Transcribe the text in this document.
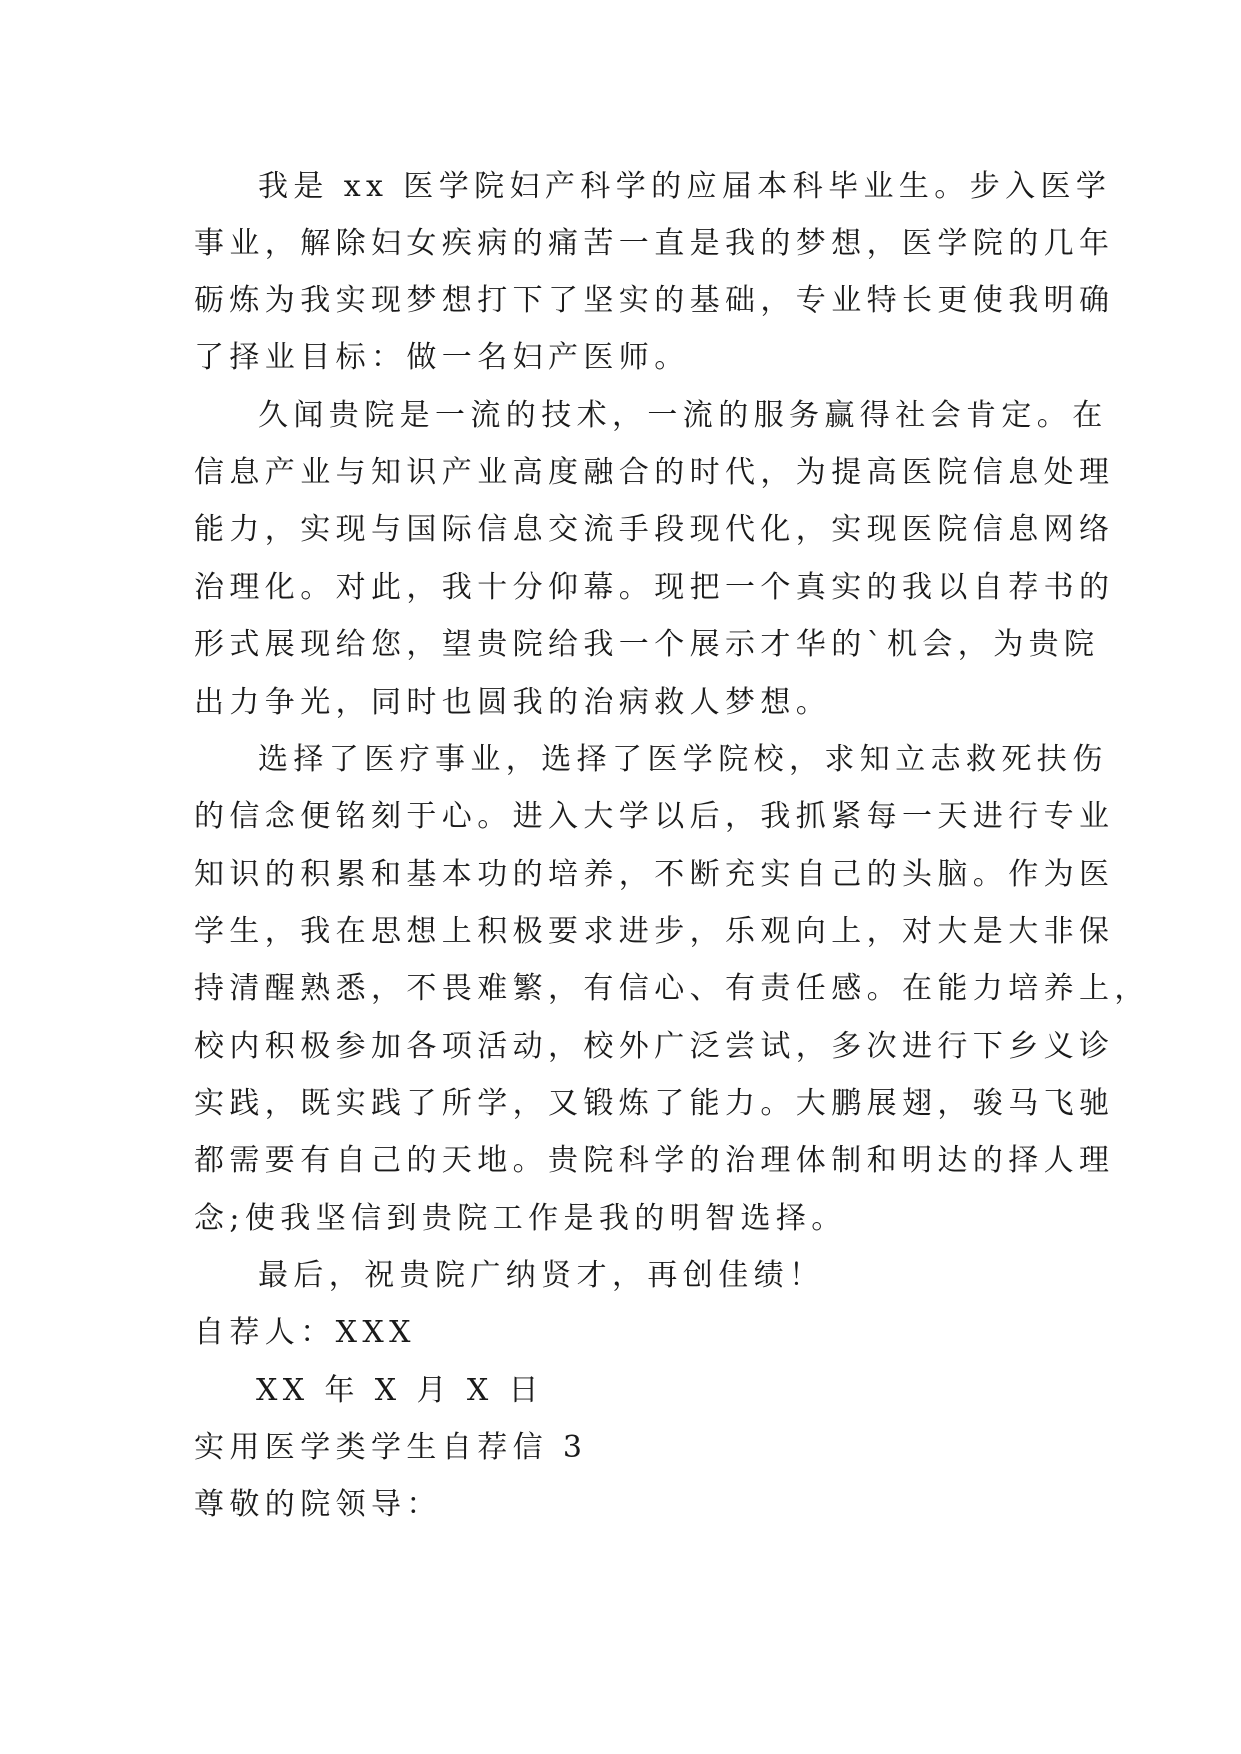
我是 xx 医学院妇产科学的应届本科毕业生。步入医学
事业，解除妇女疾病的痛苦一直是我的梦想，医学院的几年
砺炼为我实现梦想打下了坚实的基础，专业特长更使我明确
了择业目标：做一名妇产医师。
久闻贵院是一流的技术，一流的服务赢得社会肯定。在
信息产业与知识产业高度融合的时代，为提高医院信息处理
能力，实现与国际信息交流手段现代化，实现医院信息网络
治理化。对此，我十分仰幕。现把一个真实的我以自荐书的
形式展现给您，望贵院给我一个展示才华的`机会，为贵院
出力争光，同时也圆我的治病救人梦想。
选择了医疗事业，选择了医学院校，求知立志救死扶伤
的信念便铭刻于心。进入大学以后，我抓紧每一天进行专业
知识的积累和基本功的培养，不断充实自己的头脑。作为医
学生，我在思想上积极要求进步，乐观向上，对大是大非保
持清醒熟悉，不畏难繁，有信心、有责任感。在能力培养上，
校内积极参加各项活动，校外广泛尝试，多次进行下乡义诊
实践，既实践了所学，又锻炼了能力。大鹏展翅，骏马飞驰
都需要有自己的天地。贵院科学的治理体制和明达的择人理
念;使我坚信到贵院工作是我的明智选择。
最后，祝贵院广纳贤才，再创佳绩！
自荐人：XXX
XX 年 X 月 X 日
实用医学类学生自荐信 3
尊敬的院领导：
